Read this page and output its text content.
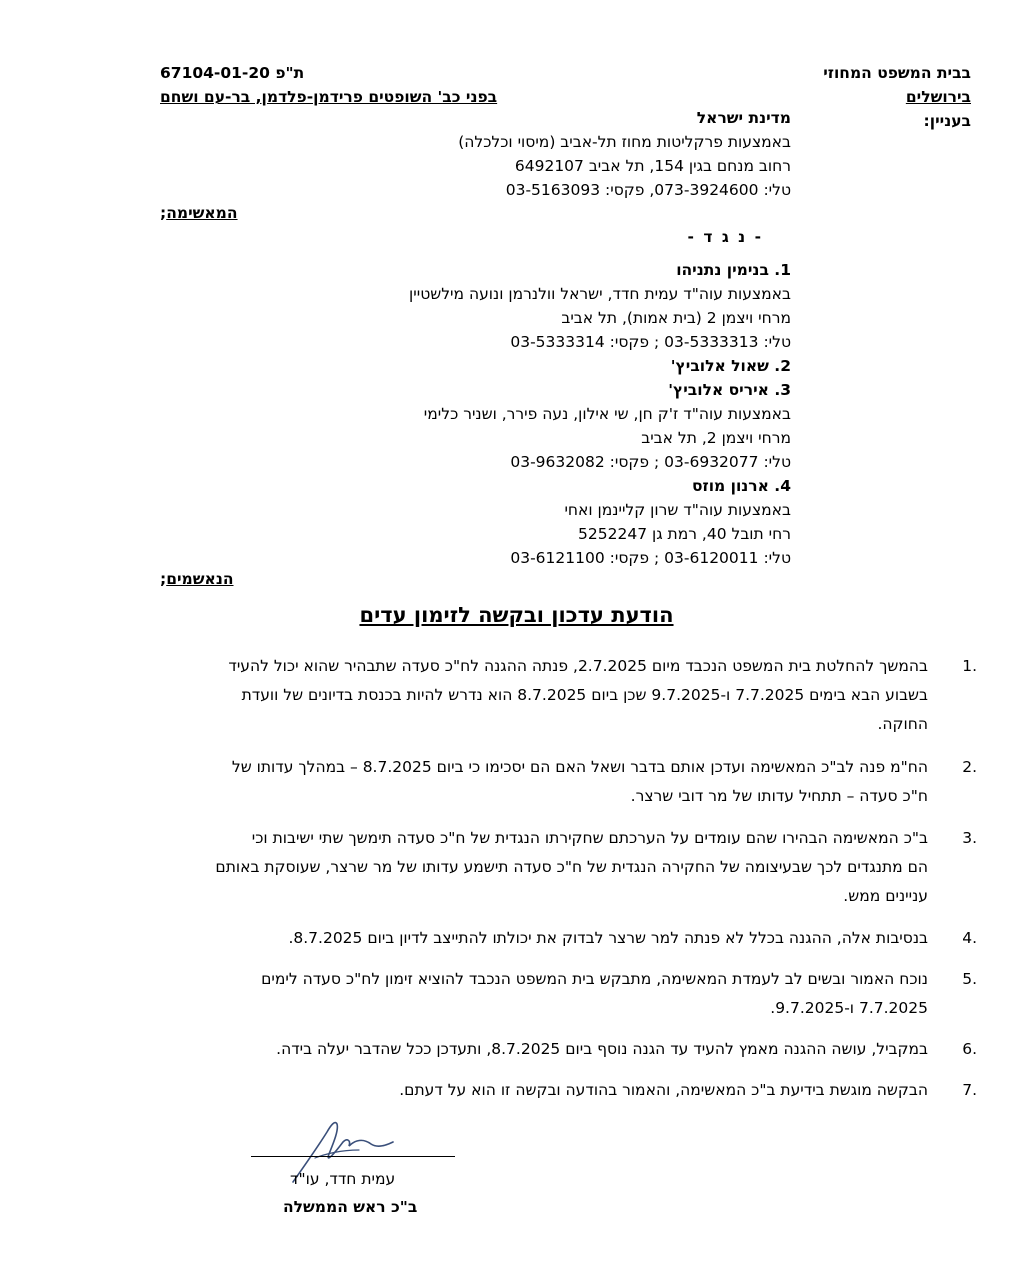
בבית המשפט המחוזי
בירושלים
בעניין:
ת"פ 67104-01-20
בפני כב' השופטים פרידמן-פלדמן, בר-עם ושחם
מדינת ישראל
באמצעות פרקליטות מחוז תל-אביב (מיסוי וכלכלה)
רחוב מנחם בגין 154, תל אביב 6492107
טלי: 073-3924600, פקסי: 03-5163093
המאשימה;
- נ ג ד -
1. בנימין נתניהו
באמצעות עוה"ד עמית חדד, ישראל וולנרמן ונועה מילשטיין
מרחי ויצמן 2 (בית אמות), תל אביב
טלי: 03-5333313 ; פקסי: 03-5333314
2. שאול אלוביץ'
3. איריס אלוביץ'
באמצעות עוה"ד ז'ק חן, שי אילון, נעה פירר, ושניר כלימי
מרחי ויצמן 2, תל אביב
טלי: 03-6932077 ; פקסי: 03-9632082
4. ארנון מוזס
באמצעות עוה"ד שרון קליינמן ואחי
רחי תובל 40, רמת גן 5252247
טלי: 03-6120011 ; פקסי: 03-6121100
הנאשמים;
הודעת עדכון ובקשה לזימון עדים
.1
בהמשך להחלטת בית המשפט הנכבד מיום 2.7.2025, פנתה ההגנה לח"כ סעדה שתבהיר שהוא יכול להעיד
בשבוע הבא בימים 7.7.2025 ו-9.7.2025 שכן ביום 8.7.2025 הוא נדרש להיות בכנסת בדיונים של וועדת
החוקה.
.2
הח"מ פנה לב"כ המאשימה ועדכן אותם בדבר ושאל האם הם יסכימו כי ביום 8.7.2025 – במהלך עדותו של
ח"כ סעדה – תתחיל עדותו של מר דובי שרצר.
.3
ב"כ המאשימה הבהירו שהם עומדים על הערכתם שחקירתו הנגדית של ח"כ סעדה תימשך שתי ישיבות וכי
הם מתנגדים לכך שבעיצומה של החקירה הנגדית של ח"כ סעדה תישמע עדותו של מר שרצר, שעוסקת באותם
עניינים ממש.
.4
בנסיבות אלה, ההגנה בכלל לא פנתה למר שרצר לבדוק את יכולתו להתייצב לדיון ביום 8.7.2025.
.5
נוכח האמור ובשים לב לעמדת המאשימה, מתבקש בית המשפט הנכבד להוציא זימון לח"כ סעדה לימים
7.7.2025 ו-9.7.2025.
.6
במקביל, עושה ההגנה מאמץ להעיד עד הגנה נוסף ביום 8.7.2025, ותעדכן ככל שהדבר יעלה בידה.
.7
הבקשה מוגשת בידיעת ב"כ המאשימה, והאמור בהודעה ובקשה זו הוא על דעתם.
עמית חדד, עו"ד
ב"כ ראש הממשלה
